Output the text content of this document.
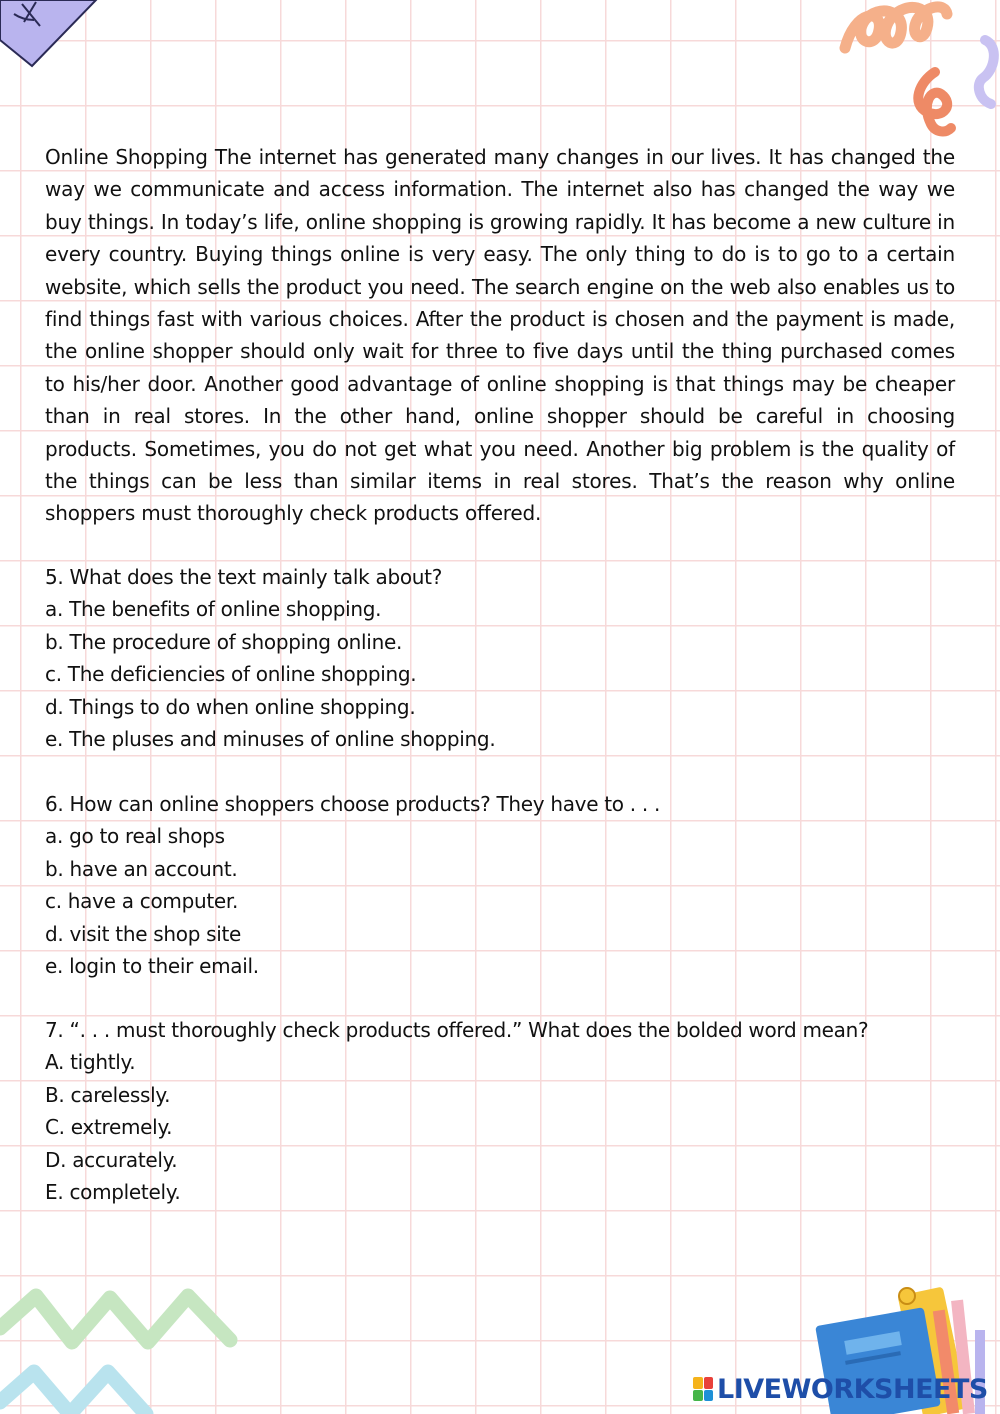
Online Shopping The internet has generated many changes in our lives. It has changed the way we communicate and access information. The internet also has changed the way we buy things. In today’s life, online shopping is growing rapidly. It has become a new culture in every country. Buying things online is very easy. The only thing to do is to go to a certain website, which sells the product you need. The search engine on the web also enables us to find things fast with various choices. After the product is chosen and the payment is made, the online shopper should only wait for three to five days until the thing purchased comes to his/her door. Another good advantage of online shopping is that things may be cheaper than in real stores. In the other hand, online shopper should be careful in choosing products. Sometimes, you do not get what you need. Another big problem is the quality of the things can be less than similar items in real stores. That’s the reason why online shoppers must thoroughly check products offered.
5. What does the text mainly talk about?
a. The benefits of online shopping.
b. The procedure of shopping online.
c. The deficiencies of online shopping.
d. Things to do when online shopping.
e. The pluses and minuses of online shopping.
6. How can online shoppers choose products? They have to . . .
a. go to real shops
b. have an account.
c. have a computer.
d. visit the shop site
e. login to their email.
7. “. . . must thoroughly check products offered.” What does the bolded word mean?
A. tightly.
B. carelessly.
C. extremely.
D. accurately.
E. completely.
LIVEWORKSHEETS
